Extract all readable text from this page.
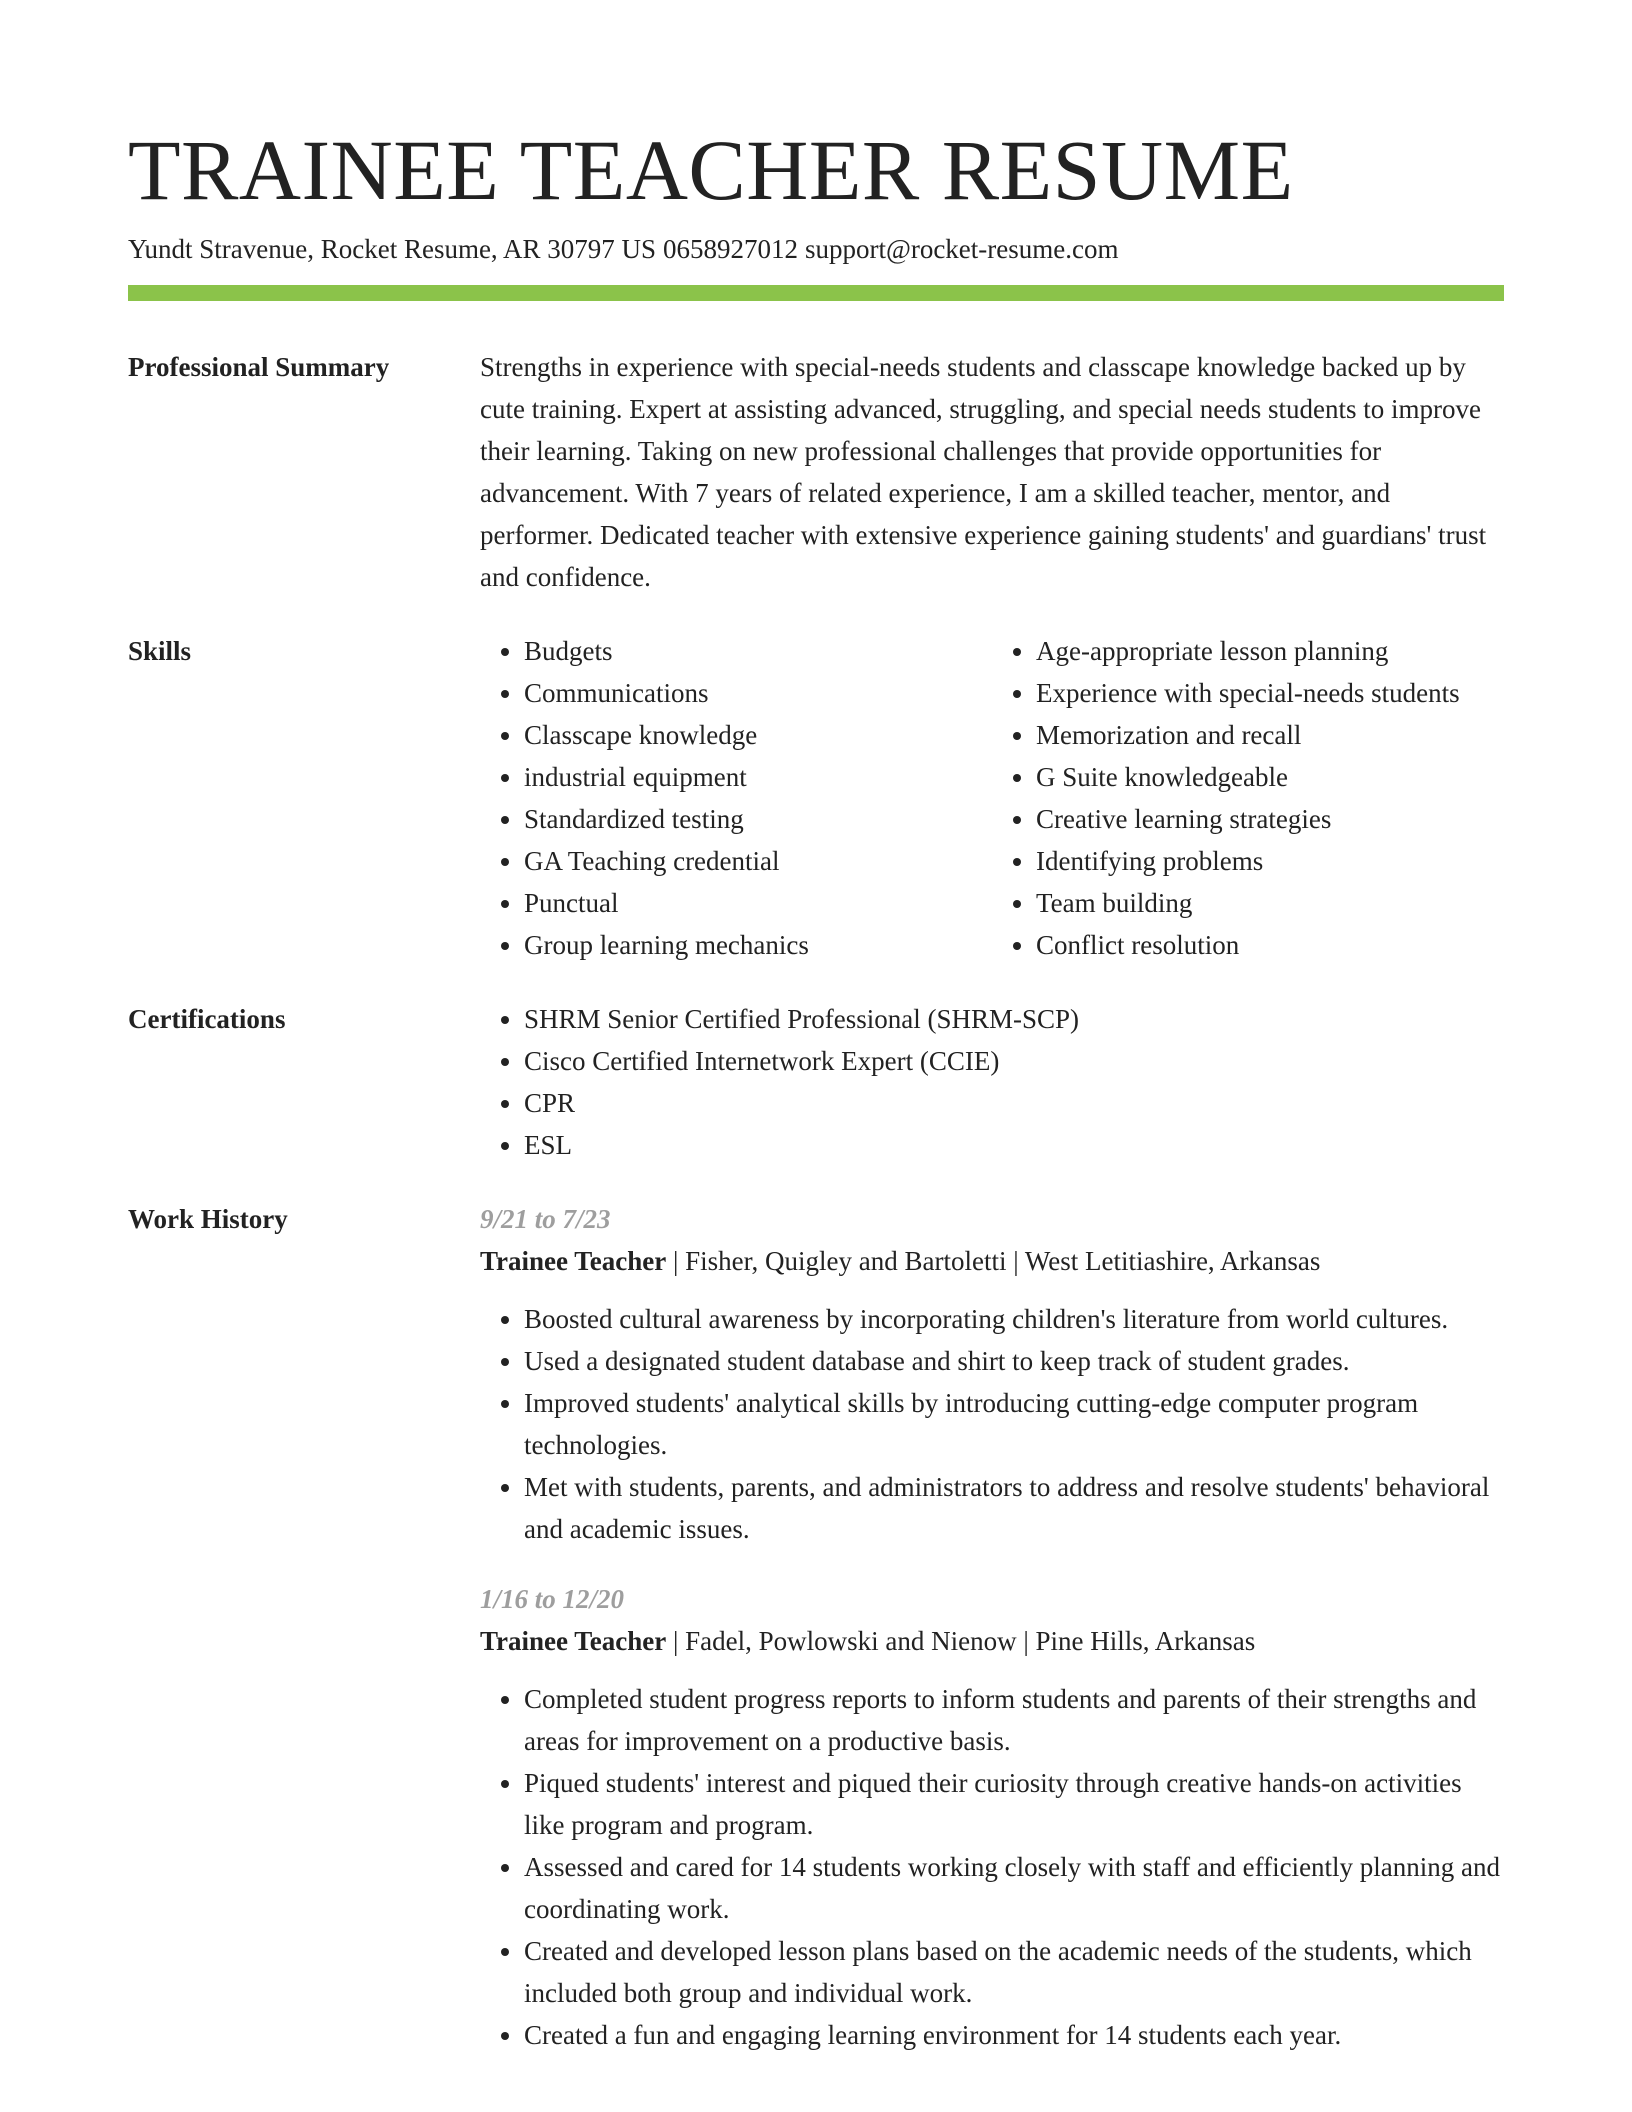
TRAINEE TEACHER RESUME
Yundt Stravenue, Rocket Resume, AR 30797 US 0658927012 support@rocket-resume.com
Professional Summary	Strengths in experience with special-needs students and classcape knowledge backed up by cute training. Expert at assisting advanced, struggling, and special needs students to improve their learning. Taking on new professional challenges that provide opportunities for advancement. With 7 years of related experience, I am a skilled teacher, mentor, and performer. Dedicated teacher with extensive experience gaining students' and guardians' trust and confidence.

Skills	• Budgets
• Communications
• Classcape knowledge
• industrial equipment
• Standardized testing
• GA Teaching credential
• Punctual
• Group learning mechanics
• Age-appropriate lesson planning
• Experience with special-needs students
• Memorization and recall
• G Suite knowledgeable
• Creative learning strategies
• Identifying problems
• Team building
• Conflict resolution
Certifications	• SHRM Senior Certified Professional (SHRM-SCP)
• Cisco Certified Internetwork Expert (CCIE)
• CPR
• ESL
Work History	9/21 to 7/23
Trainee Teacher | Fisher, Quigley and Bartoletti | West Letitiashire, Arkansas
• Boosted cultural awareness by incorporating children's literature from world cultures.
• Used a designated student database and shirt to keep track of student grades.
• Improved students' analytical skills by introducing cutting-edge computer program technologies.
• Met with students, parents, and administrators to address and resolve students' behavioral and academic issues.
1/16 to 12/20
Trainee Teacher | Fadel, Powlowski and Nienow | Pine Hills, Arkansas
• Completed student progress reports to inform students and parents of their strengths and areas for improvement on a productive basis.
• Piqued students' interest and piqued their curiosity through creative hands-on activities like program and program.
• Assessed and cared for 14 students working closely with staff and efficiently planning and coordinating work.
• Created and developed lesson plans based on the academic needs of the students, which included both group and individual work.
• Created a fun and engaging learning environment for 14 students each year.
